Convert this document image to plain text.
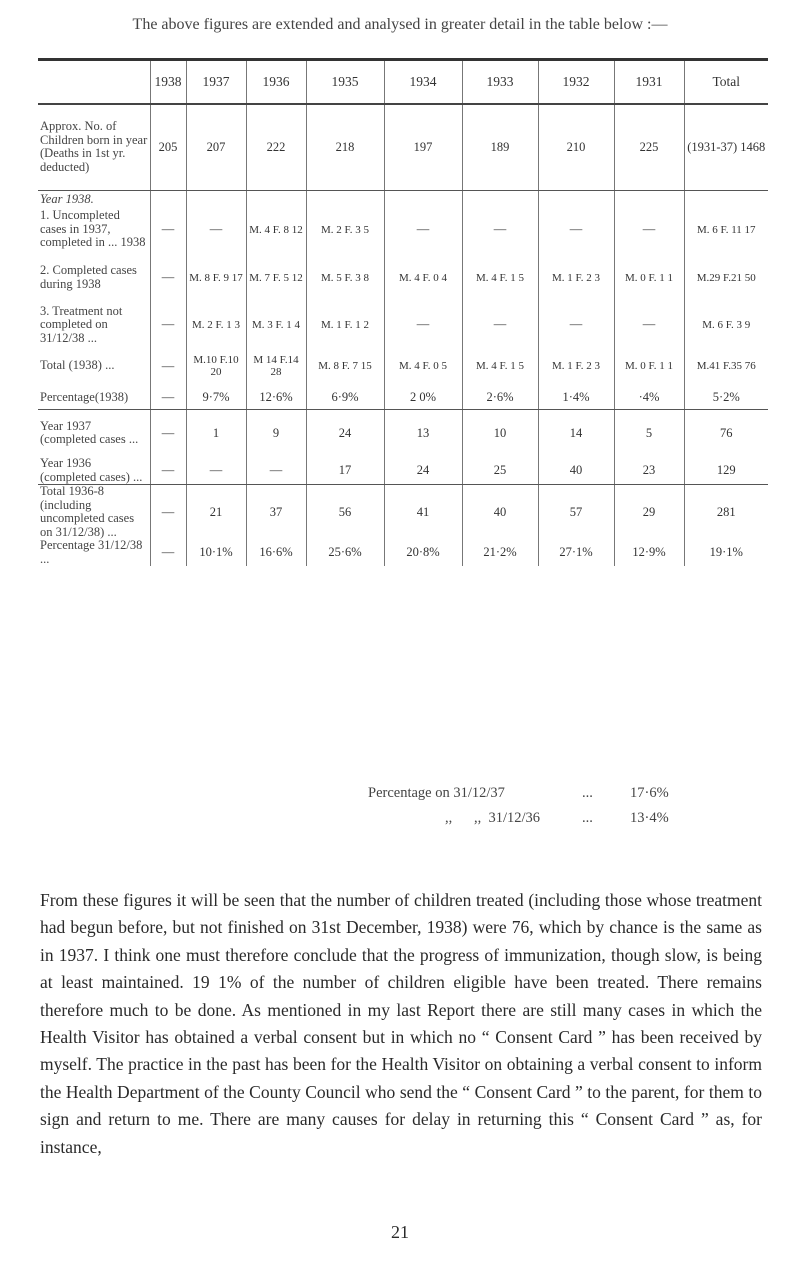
The above figures are extended and analysed in greater detail in the table below :—
	1938	1937	1936	1935	1934	1933	1932	1931	Total
Approx. No. of Children born in year (Deaths in 1st yr. deducted)	205	207	222	218	197	189	210	225	(1931-37) 1468
Year 1938.									
1. Uncompleted cases in 1937, completed in ... 1938	—	—	M. 4 F. 8 12	M. 2 F. 3 5	—	—	—	—	M. 6 F. 11 17
2. Completed cases during 1938	—	M. 8 F. 9 17	M. 7 F. 5 12	M. 5 F. 3 8	M. 4 F. 0 4	M. 4 F. 1 5	M. 1 F. 2 3	M. 0 F. 1 1	M.29 F.21 50
3. Treatment not completed on 31/12/38 ...	—	M. 2 F. 1 3	M. 3 F. 1 4	M. 1 F. 1 2	—	—	—	—	M. 6 F. 3 9
Total (1938) ...	—	M.10 F.10 20	M 14 F.14 28	M. 8 F. 7 15	M. 4 F. 0 5	M. 4 F. 1 5	M. 1 F. 2 3	M. 0 F. 1 1	M.41 F.35 76
Percentage(1938)	—	9·7%	12·6%	6·9%	2 0%	2·6%	1·4%	·4%	5·2%
Year 1937 (completed cases ...	—	1	9	24	13	10	14	5	76
Year 1936 (completed cases) ...	—	—	—	17	24	25	40	23	129
Total 1936-8 (including uncompleted cases on 31/12/38) ...	—	21	37	56	41	40	57	29	281
Percentage 31/12/38 ...	—	10·1%	16·6%	25·6%	20·8%	21·2%	27·1%	12·9%	19·1%
Percentage on 31/12/37	...	17·6%
,,      ,,  31/12/36	...	13·4%
From these figures it will be seen that the number of children treated (including those whose treatment had begun before, but not finished on 31st December, 1938) were 76, which by chance is the same as in 1937. I think one must therefore conclude that the progress of immunization, though slow, is being at least maintained. 19 1% of the number of children eligible have been treated. There remains therefore much to be done. As mentioned in my last Report there are still many cases in which the Health Visitor has obtained a verbal consent but in which no “ Consent Card ” has been received by myself. The practice in the past has been for the Health Visitor on obtaining a verbal consent to inform the Health Department of the County Council who send the “ Consent Card ” to the parent, for them to sign and return to me. There are many causes for delay in returning this “ Consent Card ” as, for instance,
21
